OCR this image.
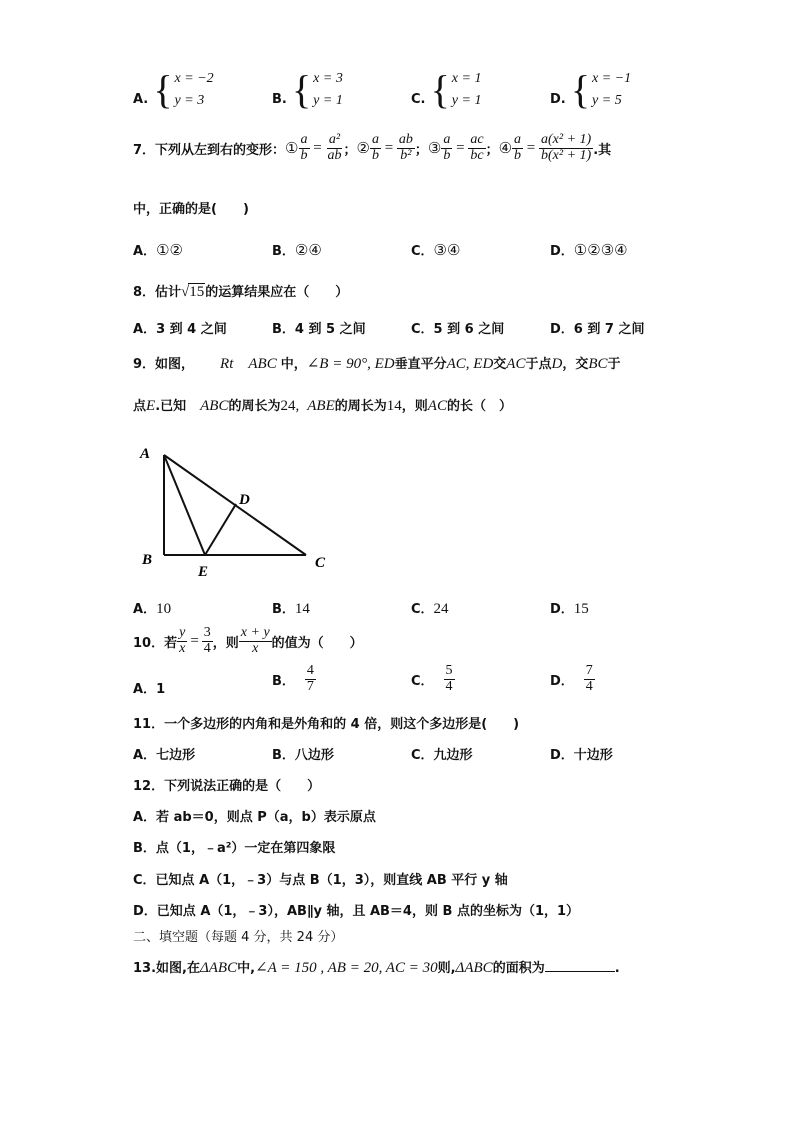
A. { x = −2
y = 3	B. { x = 3
y = 1	C. { x = 1
y = 1	D. { x = −1
y = 5
7．下列从左到右的变形： ① $\frac{a}{b} = \frac{\text{a²}}{ab}$ ； ② $\frac{a}{b} = \frac{ab}{\text{b²}}$ ； ③ $\frac{a}{b} = \frac{ac}{bc}$ ； ④ $\frac{a}{b} = \frac{\text{a(x² + 1)}}{\text{b(x² + 1)}}$ .其
中，正确的是(　　)
A．①②	B．②④	C．③④	D．①②③④
8．估计√15的运算结果应在（　　）
A．3 到 4 之间	B．4 到 5 之间	C．5 到 6 之间	D．6 到 7 之间
9．如图， Rt　ABC 中，∠B = 90°, ED垂直平分AC, ED交AC于点D，交BC于
点E.已知 ABC的周长为24, ABE的周长为14，则AC的长（　）
A
B	C
D
E
A．10	B．14	C．24	D．15
10．若 $\frac{y}{x} = \frac{3}{4}$ ，则 $\frac{x + y}{x}$ 的值为（　　）
A．1
B． $\frac{4}{7}$	C． $\frac{5}{4}$	D． $\frac{7}{4}$
11．一个多边形的内角和是外角和的 4 倍，则这个多边形是(　　)
A．七边形	B．八边形	C．九边形	D．十边形
12．下列说法正确的是（　　）
A．若 ab＝0，则点 P（a，b）表示原点
B．点（1，﹣a²）一定在第四象限
C．已知点 A（1，﹣3）与点 B（1，3），则直线 AB 平行 y 轴
D．已知点 A（1，﹣3），AB∥y 轴，且 AB＝4，则 B 点的坐标为（1，1）
二、填空题（每题 4 分，共 24 分）
13.如图,在ΔABC中,∠A = 150 , AB = 20, AC = 30则,ΔABC的面积为	.
